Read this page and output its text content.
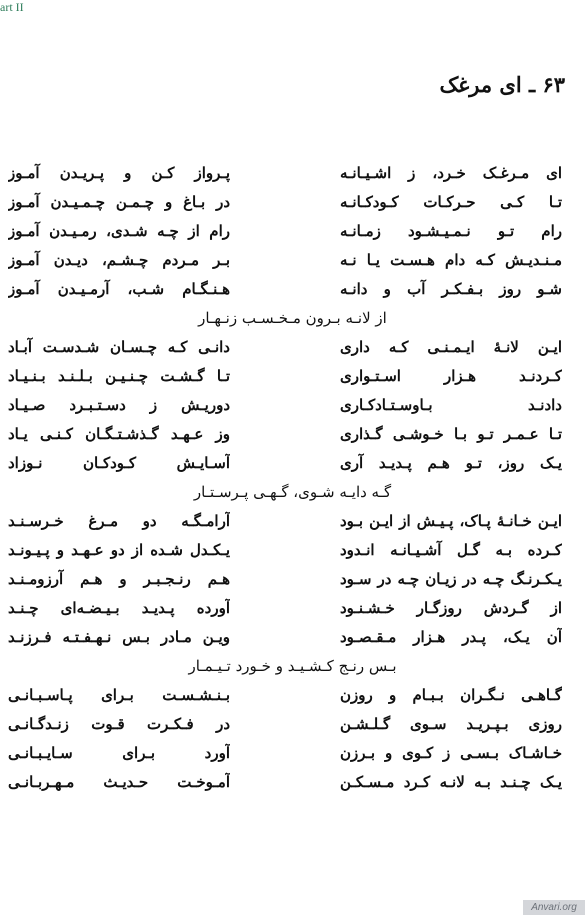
art II
۶۳ ـ ای مرغک
ای مـرغـک خـرد، ز اشـیـانـه
پـرواز کـن و پـریـدن آمـوز
تـا کـی حـرکـات کـودکـانـه
در بـاغ و چـمـن چـمـیـدن آمـوز
رام تـو نـمـیـشـود زمـانـه
رام از چـه شـدی، رمـیـدن آمـوز
مـنـدیـش کـه دام هـسـت یـا نـه
بـر مـردم چـشـم، دیـدن آمـوز
شـو روز بـفـکـر آب و دانـه
هـنـگـام شـب، آرمـیـدن آمـوز
از لانـه بـرون مـخـسـب زنـهـار
ایـن لانـهٔ ایـمـنـی کـه داری
دانـی کـه چـسـان شـدسـت آبـاد
کـردنـد هـزار اسـتـواری
تـا گـشـت چـنـیـن بـلـنـد بـنـیـاد
دادنـد بـاوسـتـادکـاری
دوریـش ز دسـتـبـرد صـیـاد
تـا عـمـر تـو بـا خـوشـی گـذاری
وز عـهـد گـذشـتـگـان کـنـی یـاد
یـک روز، تـو هـم پـدیـد آری
آسـایـش کـودکـان نـوزاد
گـه دایـه شـوی، گـهـی پـرسـتـار
ایـن خـانـهٔ پـاک، پـیـش از ایـن بـود
آرامـگـه دو مـرغ خـرسـنـد
کـرده بـه گـل آشـیـانـه انـدود
یـکـدل شـده از دو عـهـد و پـیـونـد
یـکـرنـگ چـه در زیـان چـه در سـود
هـم رنـجـبـر و هـم آرزومـنـد
از گـردش روزگـار خـشـنـود
آورده پـدیـد بـیـضـه‌ای چـنـد
آن یـک، پـدر هـزار مـقـصـود
ویـن مـادر بـس نـهـفـتـه فـرزنـد
بـس رنـج کـشـیـد و خـورد تـیـمـار
گـاهـی نـگـران بـبـام و روزن
بـنـشـسـت بـرای پـاسـبـانـی
روزی بـپـریـد سـوی گـلـشـن
در فـکـرت قـوت زنـدگـانـی
خـاشـاک بـسـی ز کـوی و بـرزن
آورد بـرای سـایـبـانـی
یـک چـنـد بـه لانـه کـرد مـسـکـن
آمـوخـت حـدیـث مـهـربـانـی
Anvari.org
